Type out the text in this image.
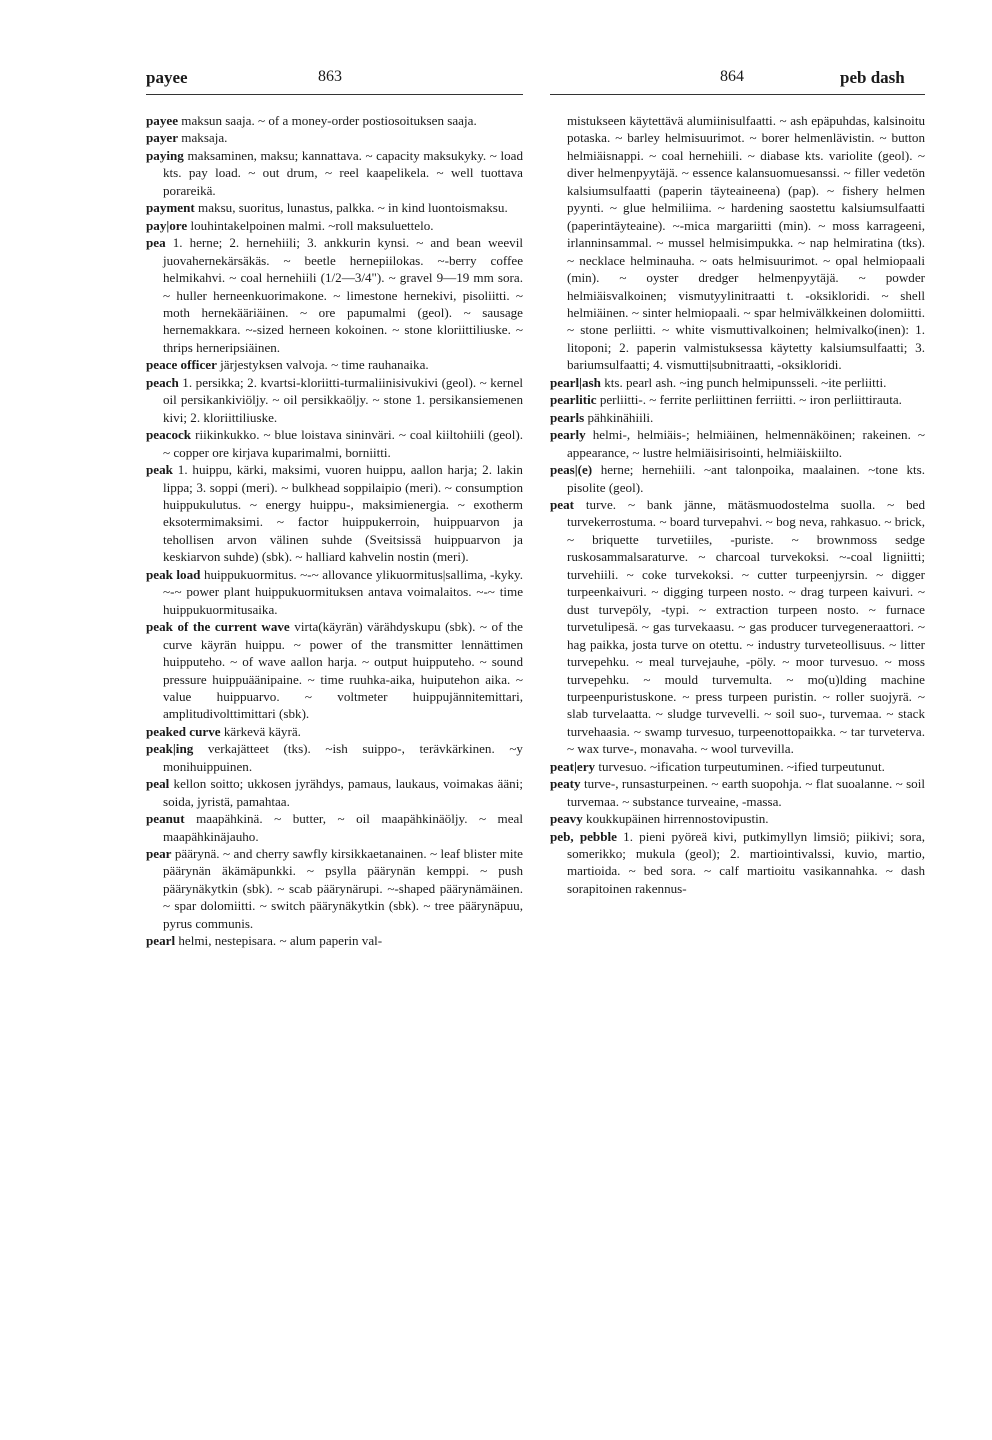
payee	863	864	peb dash

payee maksun saaja. ~ of a money-order postiosoituksen saaja.

payer maksaja.

paying maksaminen, maksu; kannattava. ~ capacity maksukyky. ~ load kts. pay load. ~ out drum, ~ reel kaapelikela. ~ well tuottava porareikä.

payment maksu, suoritus, lunastus, palkka. ~ in kind luontoismaksu.

pay|ore louhintakelpoinen malmi. ~roll maksuluettelo.

pea 1. herne; 2. hernehiili; 3. ankkurin kynsi. ~ and bean weevil juovahernekärsäkäs. ~ beetle hernepiilokas. ~-berry coffee helmikahvi. ~ coal hernehiili (1/2—3/4"). ~ gravel 9—19 mm sora. ~ huller herneenkuorimakone. ~ limestone hernekivi, pisoliitti. ~ moth hernekääriäinen. ~ ore papumalmi (geol). ~ sausage hernemakkara. ~-sized herneen kokoinen. ~ stone kloriittiliuske. ~ thrips herneripsiäinen.

peace officer järjestyksen valvoja. ~ time rauhanaika.

peach 1. persikka; 2. kvartsi-kloriitti-turmaliinisivukivi (geol). ~ kernel oil persikankiviöljy. ~ oil persikkaöljy. ~ stone 1. persikansiemenen kivi; 2. kloriittiliuske.

peacock riikinkukko. ~ blue loistava sininväri. ~ coal kiiltohiili (geol). ~ copper ore kirjava kuparimalmi, borniitti.

peak 1. huippu, kärki, maksimi, vuoren huippu, aallon harja; 2. lakin lippa; 3. soppi (meri). ~ bulkhead soppilaipio (meri). ~ consumption huippukulutus. ~ energy huippu-, maksimienergia. ~ exotherm eksotermimaksimi. ~ factor huippukerroin, huippuarvon ja tehollisen arvon välinen suhde (Sveitsissä huippuarvon ja keskiarvon suhde) (sbk). ~ halliard kahvelin nostin (meri).

peak load huippukuormitus. ~-~ allovance ylikuormitus|sallima, -kyky. ~-~ power plant huippukuormituksen antava voimalaitos. ~-~ time huippukuormitusaika.

peak of the current wave virta(käyrän) värähdyskupu (sbk). ~ of the curve käyrän huippu. ~ power of the transmitter lennättimen huipputeho. ~ of wave aallon harja. ~ output huipputeho. ~ sound pressure huippuäänipaine. ~ time ruuhka-aika, huiputehon aika. ~ value huippuarvo. ~ voltmeter huippujännitemittari, amplitudivolttimittari (sbk).

peaked curve kärkevä käyrä.

peak|ing verkajätteet (tks). ~ish suippo-, terävkärkinen. ~y monihuippuinen.

peal kellon soitto; ukkosen jyrähdys, pamaus, laukaus, voimakas ääni; soida, jyristä, pamahtaa.

peanut maapähkinä. ~ butter, ~ oil maapähkinäöljy. ~ meal maapähkinäjauho.

pear päärynä. ~ and cherry sawfly kirsikkaetanainen. ~ leaf blister mite päärynän äkämäpunkki. ~ psylla päärynän kemppi. ~ push päärynäkytkin (sbk). ~ scab päärynärupi. ~-shaped päärynämäinen. ~ spar dolomiitti. ~ switch päärynäkytkin (sbk). ~ tree päärynäpuu, pyrus communis.

pearl helmi, nestepisara. ~ alum paperin val-

mistukseen käytettävä alumiinisulfaatti. ~ ash epäpuhdas, kalsinoitu potaska. ~ barley helmisuurimot. ~ borer helmenlävistin. ~ button helmiäisnappi. ~ coal hernehiili. ~ diabase kts. variolite (geol). ~ diver helmenpyytäjä. ~ essence kalansuomuesanssi. ~ filler vedetön kalsiumsulfaatti (paperin täyteaineena) (pap). ~ fishery helmen pyynti. ~ glue helmiliima. ~ hardening saostettu kalsiumsulfaatti (paperintäyteaine). ~-mica margariitti (min). ~ moss karrageeni, irlanninsammal. ~ mussel helmisimpukka. ~ nap helmiratina (tks). ~ necklace helminauha. ~ oats helmisuurimot. ~ opal helmiopaali (min). ~ oyster dredger helmenpyytäjä. ~ powder helmiäisvalkoinen; vismutyylinitraatti t. -oksikloridi. ~ shell helmiäinen. ~ sinter helmiopaali. ~ spar helmivälkkeinen dolomiitti. ~ stone perliitti. ~ white vismuttivalkoinen; helmivalko(inen): 1. litoponi; 2. paperin valmistuksessa käytetty kalsiumsulfaatti; 3. bariumsulfaatti; 4. vismutti|subnitraatti, -oksikloridi.

pearl|ash kts. pearl ash. ~ing punch helmipunsseli. ~ite perliitti.

pearlitic perliitti-. ~ ferrite perliittinen ferriitti. ~ iron perliittirauta.

pearls pähkinähiili.

pearly helmi-, helmiäis-; helmiäinen, helmennäköinen; rakeinen. ~ appearance, ~ lustre helmiäisirisointi, helmiäiskiilto.

peas|(e) herne; hernehiili. ~ant talonpoika, maalainen. ~tone kts. pisolite (geol).

peat turve. ~ bank jänne, mätäsmuodostelma suolla. ~ bed turvekerrostuma. ~ board turvepahvi. ~ bog neva, rahkasuo. ~ brick, ~ briquette turvetiiles, -puriste. ~ brownmoss sedge ruskosammalsaraturve. ~ charcoal turvekoksi. ~-coal ligniitti; turvehiili. ~ coke turvekoksi. ~ cutter turpeenjyrsin. ~ digger turpeenkaivuri. ~ digging turpeen nosto. ~ drag turpeen kaivuri. ~ dust turvepöly, -typi. ~ extraction turpeen nosto. ~ furnace turvetulipesä. ~ gas turvekaasu. ~ gas producer turvegeneraattori. ~ hag paikka, josta turve on otettu. ~ industry turveteollisuus. ~ litter turvepehku. ~ meal turvejauhe, -pöly. ~ moor turvesuo. ~ moss turvepehku. ~ mould turvemulta. ~ mo(u)lding machine turpeenpuristuskone. ~ press turpeen puristin. ~ roller suojyrä. ~ slab turvelaatta. ~ sludge turvevelli. ~ soil suo-, turvemaa. ~ stack turvehaasia. ~ swamp turvesuo, turpeenottopaikka. ~ tar turveterva. ~ wax turve-, monavaha. ~ wool turvevilla.

peat|ery turvesuo. ~ification turpeutuminen. ~ified turpeutunut.

peaty turve-, runsasturpeinen. ~ earth suopohja. ~ flat suoalanne. ~ soil turvemaa. ~ substance turveaine, -massa.

peavy koukkupäinen hirrennostovipustin.

peb, pebble 1. pieni pyöreä kivi, putkimyllyn limsiö; piikivi; sora, somerikko; mukula (geol); 2. martiointivalssi, kuvio, martio, martioida. ~ bed sora. ~ calf martioitu vasikannahka. ~ dash sorapitoinen rakennus-
